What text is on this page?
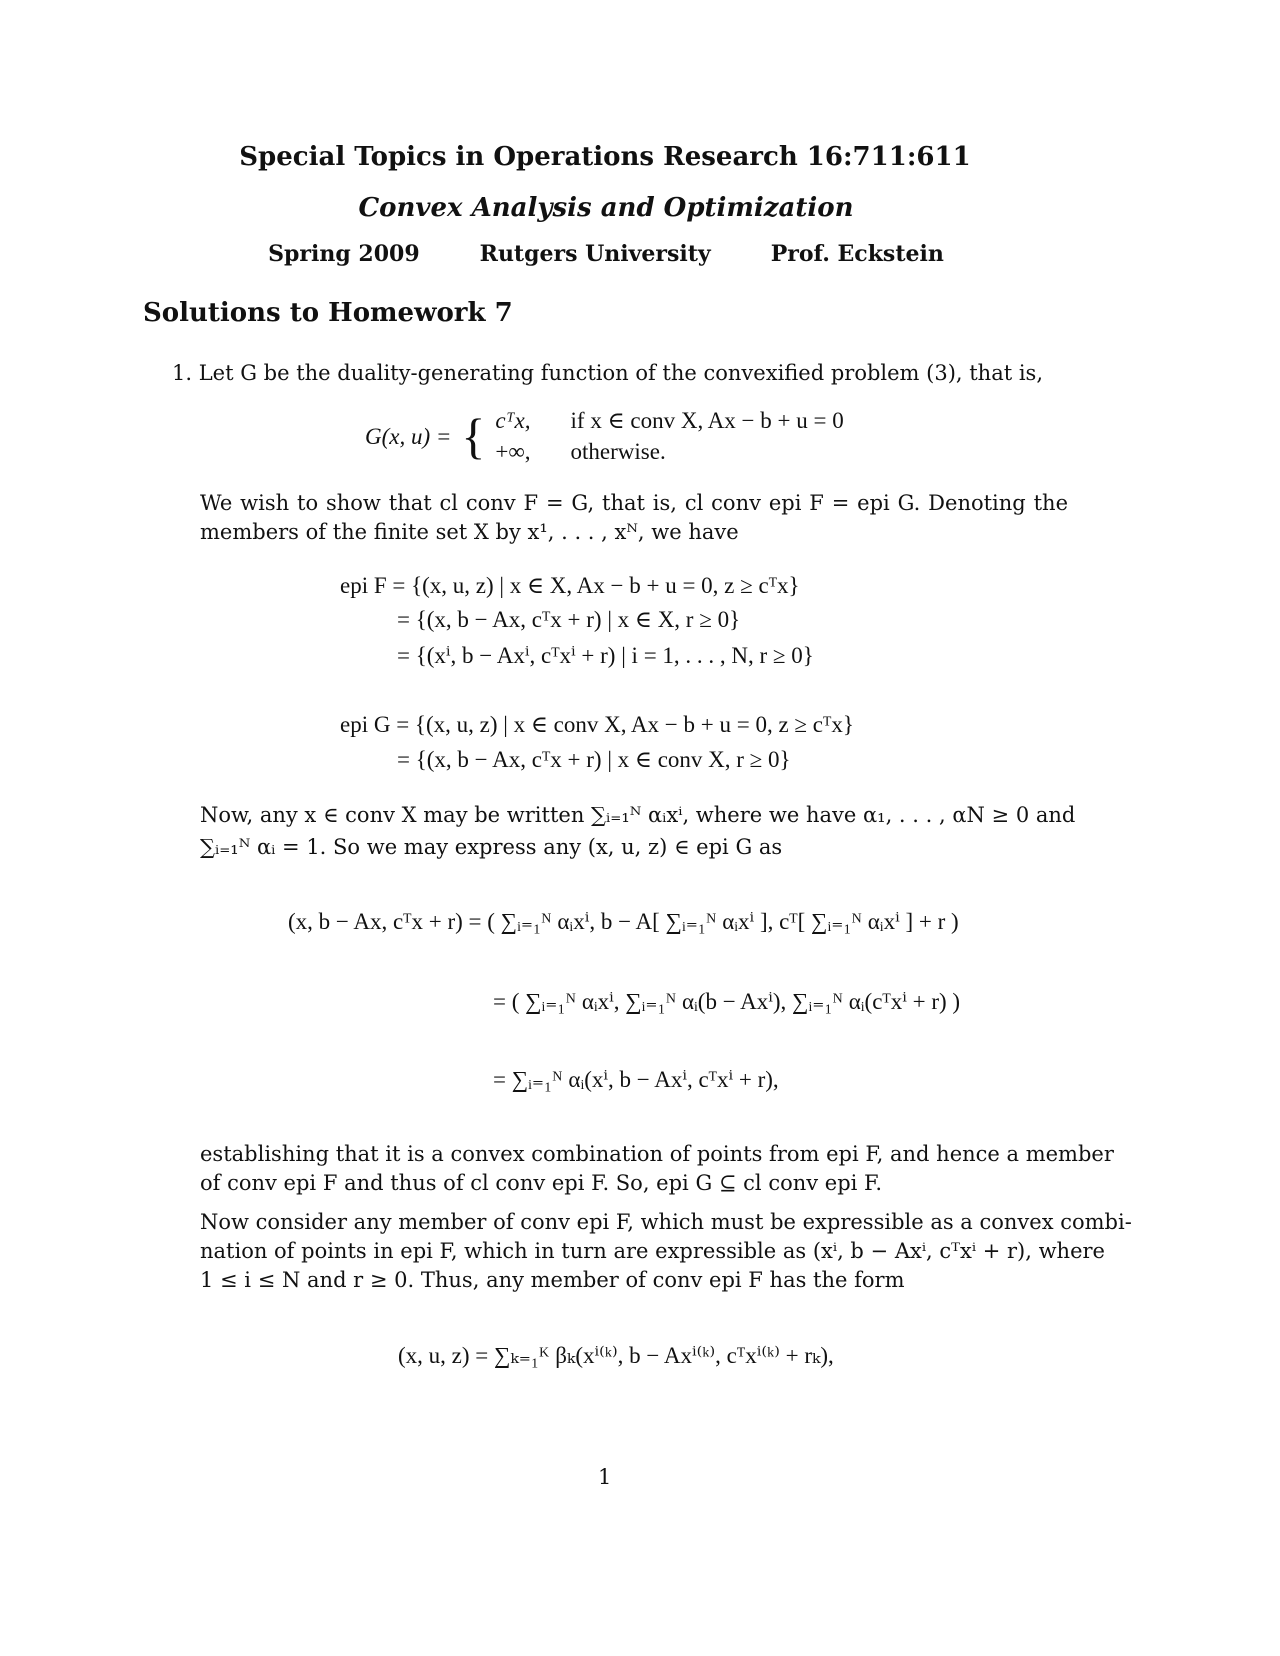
Special Topics in Operations Research 16:711:611
Convex Analysis and Optimization
Spring 2009	Rutgers University	Prof. Eckstein
Solutions to Homework 7
1. Let G be the duality-generating function of the convexified problem (3), that is,
G(x, u) = { cᵀx, if x ∈ conv X, Ax − b + u = 0
+∞, otherwise.
We wish to show that cl conv F = G, that is, cl conv epi F = epi G. Denoting the
members of the finite set X by x¹, . . . , xᴺ, we have
epi F = {(x, u, z) | x ∈ X, Ax − b + u = 0, z ≥ cᵀx}
= {(x, b − Ax, cᵀx + r) | x ∈ X, r ≥ 0}
= {(xⁱ, b − Axⁱ, cᵀxⁱ + r) | i = 1, . . . , N, r ≥ 0}
epi G = {(x, u, z) | x ∈ conv X, Ax − b + u = 0, z ≥ cᵀx}
= {(x, b − Ax, cᵀx + r) | x ∈ conv X, r ≥ 0}
Now, any x ∈ conv X may be written ∑ᵢ₌₁ᴺ αᵢxⁱ, where we have α₁, . . . , αN ≥ 0 and
∑ᵢ₌₁ᴺ αᵢ = 1. So we may express any (x, u, z) ∈ epi G as
(x, b − Ax, cᵀx + r) = ( ∑ᵢ₌₁ᴺ αᵢxⁱ, b − A[ ∑ᵢ₌₁ᴺ αᵢxⁱ ], cᵀ[ ∑ᵢ₌₁ᴺ αᵢxⁱ ] + r )
= ( ∑ᵢ₌₁ᴺ αᵢxⁱ, ∑ᵢ₌₁ᴺ αᵢ(b − Axⁱ), ∑ᵢ₌₁ᴺ αᵢ(cᵀxⁱ + r) )
= ∑ᵢ₌₁ᴺ αᵢ(xⁱ, b − Axⁱ, cᵀxⁱ + r),
establishing that it is a convex combination of points from epi F, and hence a member
of conv epi F and thus of cl conv epi F. So, epi G ⊆ cl conv epi F.
Now consider any member of conv epi F, which must be expressible as a convex combi-
nation of points in epi F, which in turn are expressible as (xⁱ, b − Axⁱ, cᵀxⁱ + r), where
1 ≤ i ≤ N and r ≥ 0. Thus, any member of conv epi F has the form
(x, u, z) = ∑ₖ₌₁ᴷ βₖ(xⁱ⁽ᵏ⁾, b − Axⁱ⁽ᵏ⁾, cᵀxⁱ⁽ᵏ⁾ + rₖ),
1
